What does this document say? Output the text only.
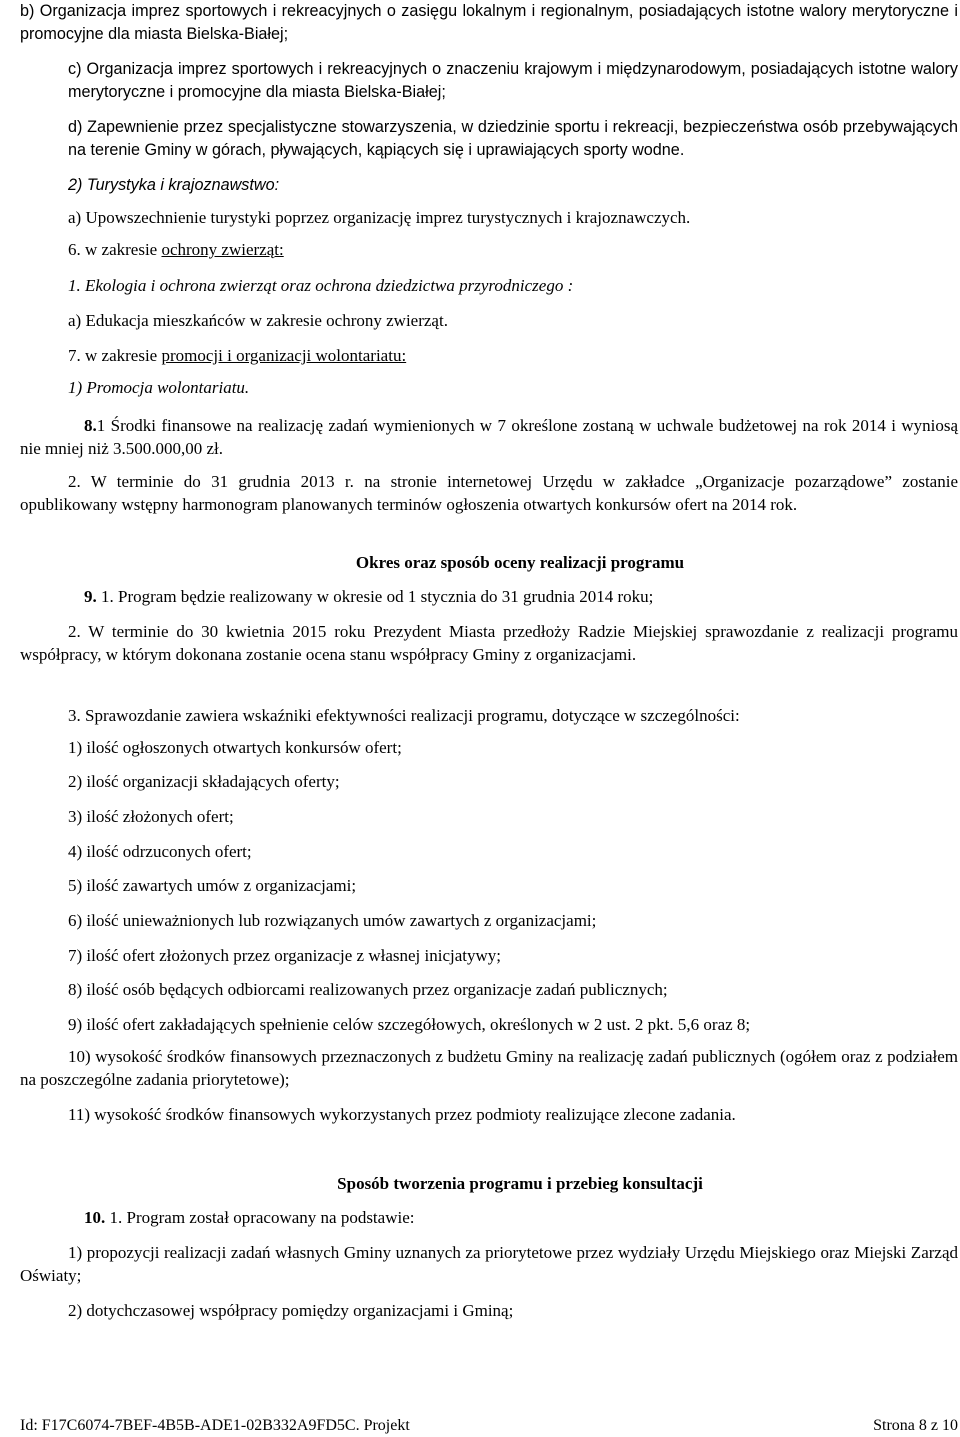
b) Organizacja imprez sportowych i rekreacyjnych o zasięgu lokalnym i regionalnym, posiadających istotne walory merytoryczne i promocyjne dla miasta Bielska-Białej;

c) Organizacja imprez sportowych i rekreacyjnych o znaczeniu krajowym i międzynarodowym, posiadających istotne walory merytoryczne i promocyjne dla miasta Bielska-Białej;

d) Zapewnienie przez specjalistyczne stowarzyszenia, w dziedzinie sportu i rekreacji, bezpieczeństwa osób przebywających na terenie Gminy w górach, pływających, kąpiących się i uprawiających sporty wodne.

2) Turystyka i krajoznawstwo:

a) Upowszechnienie turystyki poprzez organizację imprez turystycznych i krajoznawczych.

6. w zakresie ochrony zwierząt:

1. Ekologia i ochrona zwierząt oraz ochrona dziedzictwa przyrodniczego :

a) Edukacja mieszkańców w zakresie ochrony zwierząt.

7. w zakresie promocji i organizacji wolontariatu:

1) Promocja wolontariatu.

8.1 Środki finansowe na realizację zadań wymienionych w 7 określone zostaną w uchwale budżetowej na rok 2014 i wyniosą nie mniej niż 3.500.000,00 zł.

2. W terminie do 31 grudnia 2013 r. na stronie internetowej Urzędu w zakładce „Organizacje pozarządowe” zostanie opublikowany wstępny harmonogram planowanych terminów ogłoszenia otwartych konkursów ofert na 2014 rok.

Okres oraz sposób oceny realizacji programu

9. 1. Program będzie realizowany w okresie od 1 stycznia do 31 grudnia 2014 roku;

2. W terminie do 30 kwietnia 2015 roku Prezydent Miasta przedłoży Radzie Miejskiej sprawozdanie z realizacji programu współpracy, w którym dokonana zostanie ocena stanu współpracy Gminy z organizacjami.

3. Sprawozdanie zawiera wskaźniki efektywności realizacji programu, dotyczące w szczególności:

1) ilość ogłoszonych otwartych konkursów ofert;

2) ilość organizacji składających oferty;

3) ilość złożonych ofert;

4) ilość odrzuconych ofert;

5) ilość zawartych umów z organizacjami;

6) ilość unieważnionych lub rozwiązanych umów zawartych z organizacjami;

7) ilość ofert złożonych przez organizacje z własnej inicjatywy;

8) ilość osób będących odbiorcami realizowanych przez organizacje zadań publicznych;

9) ilość ofert zakładających spełnienie celów szczegółowych, określonych w 2 ust. 2 pkt. 5,6 oraz 8;

10) wysokość środków finansowych przeznaczonych z budżetu Gminy na realizację zadań publicznych (ogółem oraz z podziałem na poszczególne zadania priorytetowe);

11) wysokość środków finansowych wykorzystanych przez podmioty realizujące zlecone zadania.

Sposób tworzenia programu i przebieg konsultacji

10. 1. Program został opracowany na podstawie:

1) propozycji realizacji zadań własnych Gminy uznanych za priorytetowe przez wydziały Urzędu Miejskiego oraz Miejski Zarząd Oświaty;

2) dotychczasowej współpracy pomiędzy organizacjami i Gminą;

Id: F17C6074-7BEF-4B5B-ADE1-02B332A9FD5C. Projekt	Strona 8 z 10
